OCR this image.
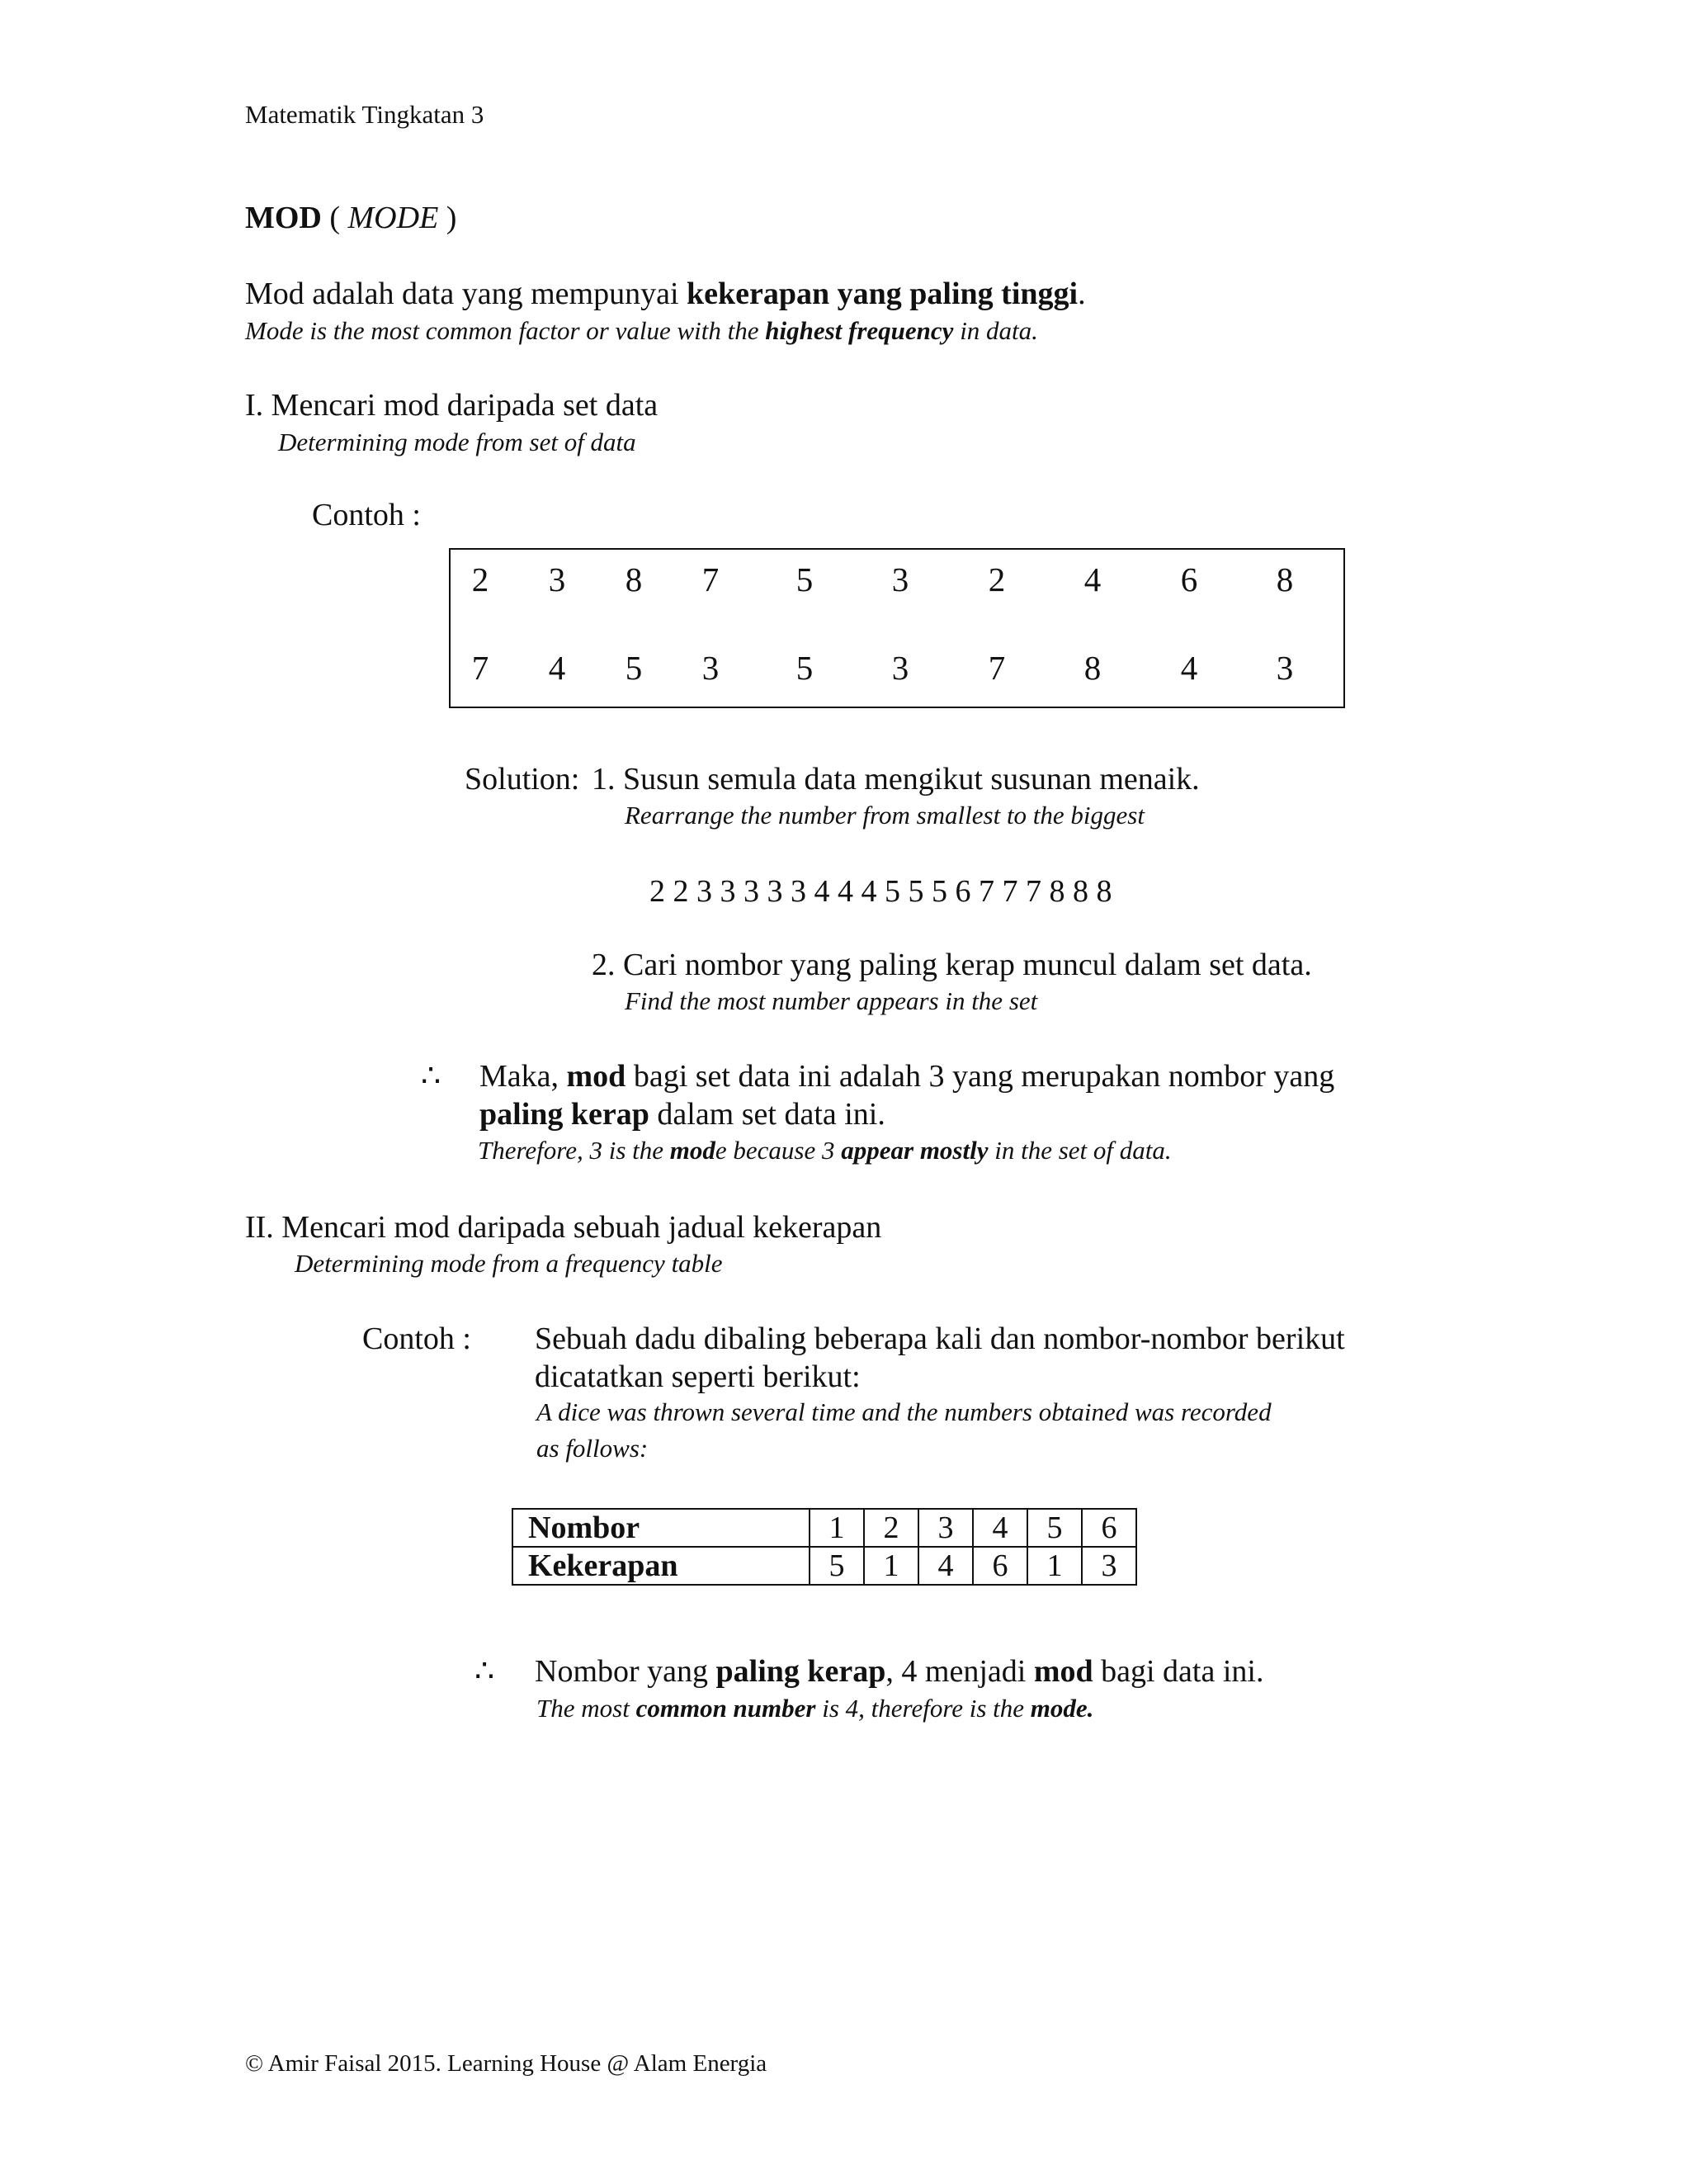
Matematik Tingkatan 3
MOD ( MODE )
Mod adalah data yang mempunyai kekerapan yang paling tinggi.
Mode is the most common factor or value with the highest frequency in data.
I. Mencari mod daripada set data
Determining mode from set of data
Contoh :
2	3	8	7	5	3	2	4	6	8
7	4	5	3	5	3	7	8	4	3
Solution: 1. Susun semula data mengikut susunan menaik.
Rearrange the number from smallest to the biggest
2 2 3 3 3 3 3 4 4 4 5 5 5 6 7 7 7 8 8 8
2. Cari nombor yang paling kerap muncul dalam set data.
Find the most number appears in the set
∴ Maka, mod bagi set data ini adalah 3 yang merupakan nombor yang
paling kerap dalam set data ini.
Therefore, 3 is the mode because 3 appear mostly in the set of data.
II. Mencari mod daripada sebuah jadual kekerapan
Determining mode from a frequency table
Contoh : Sebuah dadu dibaling beberapa kali dan nombor-nombor berikut
dicatatkan seperti berikut:
A dice was thrown several time and the numbers obtained was recorded
as follows:
Nombor	1	2	3	4	5	6
Kekerapan	5	1	4	6	1	3
∴ Nombor yang paling kerap, 4 menjadi mod bagi data ini.
The most common number is 4, therefore is the mode.
© Amir Faisal 2015. Learning House @ Alam Energia
